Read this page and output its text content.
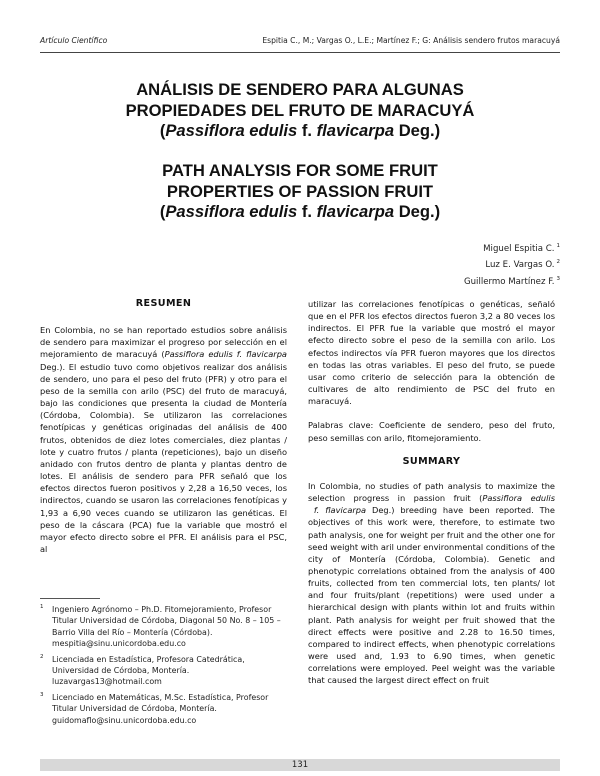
Artículo Científico	Espitia C., M.; Vargas O., L.E.; Martínez F.; G: Análisis sendero frutos maracuyá
ANÁLISIS DE SENDERO PARA ALGUNAS
PROPIEDADES DEL FRUTO DE MARACUYÁ
(Passiflora edulis f. flavicarpa Deg.)
PATH ANALYSIS FOR SOME FRUIT
PROPERTIES OF PASSION FRUIT
(Passiflora edulis f. flavicarpa Deg.)
Miguel Espitia C. $^1$
Luz E. Vargas O. $^2$
Guillermo Martínez F. $^3$

RESUMEN

En Colombia, no se han reportado estudios sobre análisis de sendero para maximizar el progreso por selección en el mejoramiento de maracuyá (Passiflora edulis f. flavicarpa Deg.). El estudio tuvo como objetivos realizar dos análisis de sendero, uno para el peso del fruto (PFR) y otro para el peso de la semilla con arilo (PSC) del fruto de maracuyá, bajo las condiciones que presenta la ciudad de Montería (Córdoba, Colombia). Se utilizaron las correlaciones fenotípicas y genéticas originadas del análisis de 400 frutos, obtenidos de diez lotes comerciales, diez plantas / lote y cuatro frutos / planta (repeticiones), bajo un diseño anidado con frutos dentro de planta y plantas dentro de lotes. El análisis de sendero para PFR señaló que los efectos directos fueron positivos y 2,28 a 16,50 veces, los indirectos, cuando se usaron las correlaciones fenotípicas y 1,93 a 6,90 veces cuando se utilizaron las genéticas. El peso de la cáscara (PCA) fue la variable que mostró el mayor efecto directo sobre el PFR. El análisis para el PSC, al

utilizar las correlaciones fenotípicas o genéticas, señaló que en el PFR los efectos directos fueron 3,2 a 80 veces los indirectos. El PFR fue la variable que mostró el mayor efecto directo sobre el peso de la semilla con arilo. Los efectos indirectos vía PFR fueron mayores que los directos en todas las otras variables. El peso del fruto, se puede usar como criterio de selección para la obtención de cultivares de alto rendimiento de PSC del fruto en maracuyá.

Palabras clave: Coeficiente de sendero, peso del fruto, peso semillas con arilo, fitomejoramiento.

SUMMARY

In Colombia, no studies of path analysis to maximize the selection progress in passion fruit (Passiflora edulis f. flavicarpa Deg.) breeding have been reported. The objectives of this work were, therefore, to estimate two path analysis, one for weight per fruit and the other one for seed weight with aril under environmental conditions of the city of Montería (Córdoba, Colombia). Genetic and phenotypic correlations obtained from the analysis of 400 fruits, collected from ten commercial lots, ten plants/ lot and four fruits/plant (repetitions) were used under a hierarchical design with plants within lot and fruits within plant. Path analysis for weight per fruit showed that the direct effects were positive and 2.28 to 16.50 times, compared to indirect effects, when phenotypic correlations were used and, 1.93 to 6.90 times, when genetic correlations were employed. Peel weight was the variable that caused the largest direct effect on fruit

1 Ingeniero Agrónomo – Ph.D. Fitomejoramiento, Profesor Titular Universidad de Córdoba, Diagonal 50 No. 8 – 105 – Barrio Villa del Río – Montería (Córdoba). mespitia@sinu.unicordoba.edu.co

2 Licenciada en Estadística, Profesora Catedrática, Universidad de Córdoba, Montería. luzavargas13@hotmail.com

3 Licenciado en Matemáticas, M.Sc. Estadística, Profesor Titular Universidad de Córdoba, Montería. guidomaflo@sinu.unicordoba.edu.co

131
